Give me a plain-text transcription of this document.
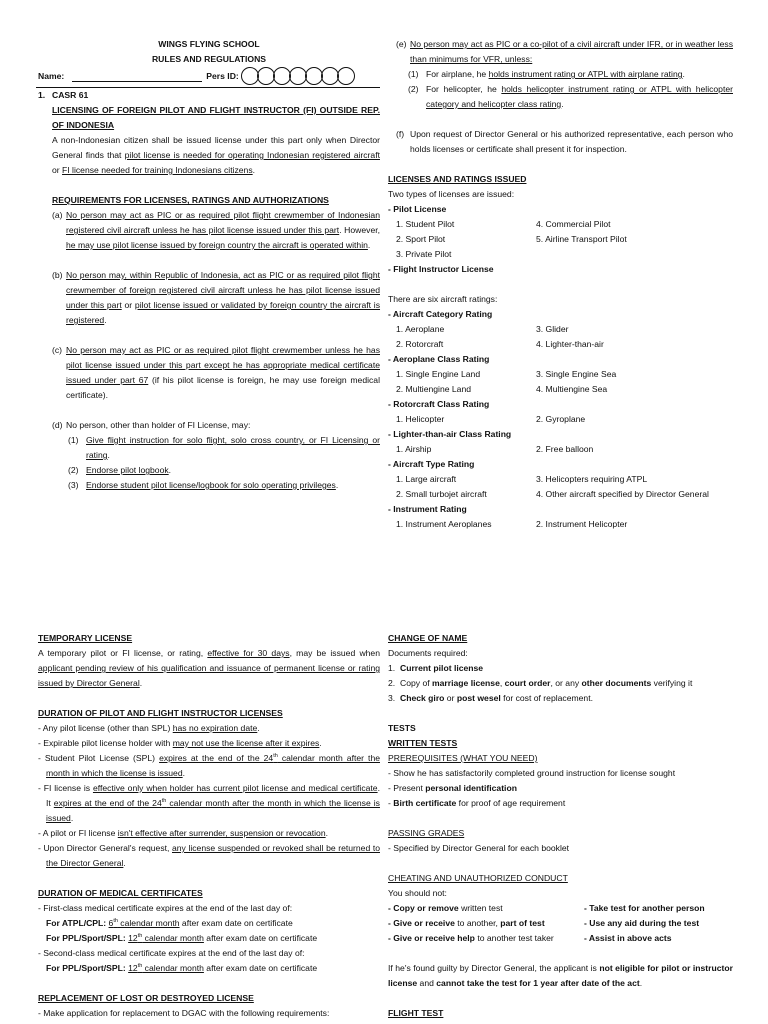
WINGS FLYING SCHOOL

RULES AND REGULATIONS

Name:	Pers ID:
1. CASR 61

LICENSING OF FOREIGN PILOT AND FLIGHT INSTRUCTOR (FI) OUTSIDE REP. OF INDONESIA

A non-Indonesian citizen shall be issued license under this part only when Director General finds that pilot license is needed for operating Indonesian registered aircraft or FI license needed for training Indonesians citizens.

REQUIREMENTS FOR LICENSES, RATINGS AND AUTHORIZATIONS

(a) No person may act as PIC or as required pilot flight crewmember of Indonesian registered civil aircraft unless he has pilot license issued under this part. However, he may use pilot license issued by foreign country the aircraft is operated within.
(b) No person may, within Republic of Indonesia, act as PIC or as required pilot flight crewmember of foreign registered civil aircraft unless he has pilot license issued under this part or pilot license issued or validated by foreign country the aircraft is registered.
(c) No person may act as PIC or as required pilot flight crewmember unless he has pilot license issued under this part except he has appropriate medical certificate issued under part 67 (if his pilot license is foreign, he may use foreign medical certificate).
(d) No person, other than holder of FI License, may:
(1) Give flight instruction for solo flight, solo cross country, or FI Licensing or rating.
(2) Endorse pilot logbook.
(3) Endorse student pilot license/logbook for solo operating privileges.
(e) No person may act as PIC or a co-pilot of a civil aircraft under IFR, or in weather less than minimums for VFR, unless:
(1) For airplane, he holds instrument rating or ATPL with airplane rating.
(2) For helicopter, he holds helicopter instrument rating or ATPL with helicopter category and helicopter class rating.
(f) Upon request of Director General or his authorized representative, each person who holds licenses or certificate shall present it for inspection.

LICENSES AND RATINGS ISSUED

Two types of licenses are issued:

- Pilot License

1. Student Pilot	4. Commercial Pilot
2. Sport Pilot	5. Airline Transport Pilot
3. Private Pilot

- Flight Instructor License

There are six aircraft ratings:

- Aircraft Category Rating

1. Aeroplane	3. Glider
2. Rotorcraft	4. Lighter-than-air

- Aeroplane Class Rating

1. Single Engine Land	3. Single Engine Sea
2. Multiengine Land	4. Multiengine Sea

- Rotorcraft Class Rating

1. Helicopter	2. Gyroplane

- Lighter-than-air Class Rating

1. Airship	2. Free balloon

- Aircraft Type Rating

1. Large aircraft	3. Helicopters requiring ATPL
2. Small turbojet aircraft	4. Other aircraft specified by Director General

- Instrument Rating

1. Instrument Aeroplanes	2. Instrument Helicopter

TEMPORARY LICENSE

A temporary pilot or FI license, or rating, effective for 30 days, may be issued when applicant pending review of his qualification and issuance of permanent license or rating issued by Director General.

DURATION OF PILOT AND FLIGHT INSTRUCTOR LICENSES

- Any pilot license (other than SPL) has no expiration date.

- Expirable pilot license holder with may not use the license after it expires.

- Student Pilot License (SPL) expires at the end of the 24th calendar month after the month in which the license is issued.

- FI license is effective only when holder has current pilot license and medical certificate. It expires at the end of the 24th calendar month after the month in which the license is issued.

- A pilot or FI license isn't effective after surrender, suspension or revocation.

- Upon Director General's request, any license suspended or revoked shall be returned to the Director General.

DURATION OF MEDICAL CERTIFICATES

- First-class medical certificate expires at the end of the last day of:

For ATPL/CPL: 6th calendar month after exam date on certificate

For PPL/Sport/SPL: 12th calendar month after exam date on certificate

- Second-class medical certificate expires at the end of the last day of:

For PPL/Sport/SPL: 12th calendar month after exam date on certificate

REPLACEMENT OF LOST OR DESTROYED LICENSE

- Make application for replacement to DGAC with the following requirements:

CHANGE OF NAME

Documents required:

1. Current pilot license
2. Copy of marriage license, court order, or any other documents verifying it
3. Check giro or post wesel for cost of replacement.

TESTS

WRITTEN TESTS

PREREQUISITES (WHAT YOU NEED)

- Show he has satisfactorily completed ground instruction for license sought

- Present personal identification

- Birth certificate for proof of age requirement

PASSING GRADES

- Specified by Director General for each booklet

CHEATING AND UNAUTHORIZED CONDUCT

You should not:

- Copy or remove written test	- Take test for another person
- Give or receive to another, part of test	- Use any aid during the test
- Give or receive help to another test taker	- Assist in above acts

If he's found guilty by Director General, the applicant is not eligible for pilot or instructor license and cannot take the test for 1 year after date of the act.

FLIGHT TEST
